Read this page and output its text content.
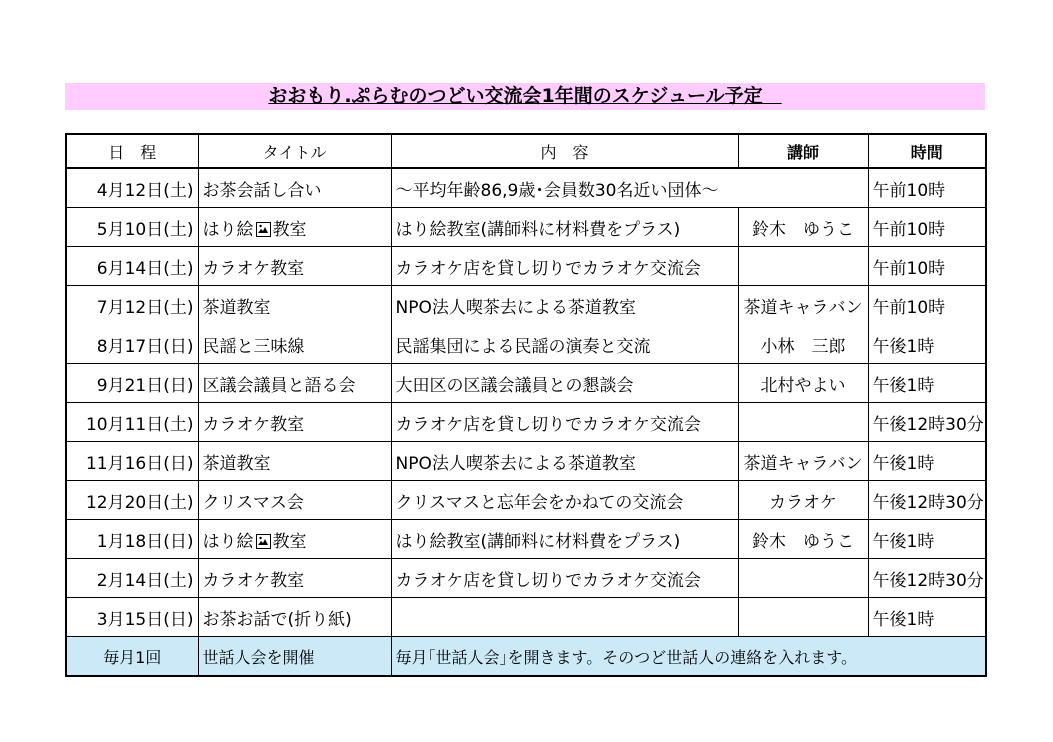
おおもり.ぷらむのつどい交流会1年間のスケジュール予定　
日　程	タイトル	内　容	講師	時間
4月12日(土)	お茶会話し合い	～平均年齢86,9歳･会員数30名近い団体～		午前10時
5月10日(土)	はり絵 教室	はり絵教室(講師料に材料費をプラス)	鈴木　ゆうこ	午前10時
6月14日(土)	カラオケ教室	カラオケ店を貸し切りでカラオケ交流会		午前10時
7月12日(土)	茶道教室	NPO法人喫茶去による茶道教室	茶道キャラバン	午前10時
8月17日(日)	民謡と三味線	民謡集団による民謡の演奏と交流	小林　三郎	午後1時
9月21日(日)	区議会議員と語る会	大田区の区議会議員との懇談会	北村やよい	午後1時
10月11日(土)	カラオケ教室	カラオケ店を貸し切りでカラオケ交流会		午後12時30分
11月16日(日)	茶道教室	NPO法人喫茶去による茶道教室	茶道キャラバン	午後1時
12月20日(土)	クリスマス会	クリスマスと忘年会をかねての交流会	カラオケ	午後12時30分
1月18日(日)	はり絵 教室	はり絵教室(講師料に材料費をプラス)	鈴木　ゆうこ	午後1時
2月14日(土)	カラオケ教室	カラオケ店を貸し切りでカラオケ交流会		午後12時30分
3月15日(日)	お茶お話で(折り紙)			午後1時
毎月1回	世話人会を開催	毎月｢世話人会｣を開きます。そのつど世話人の連絡を入れます。		
